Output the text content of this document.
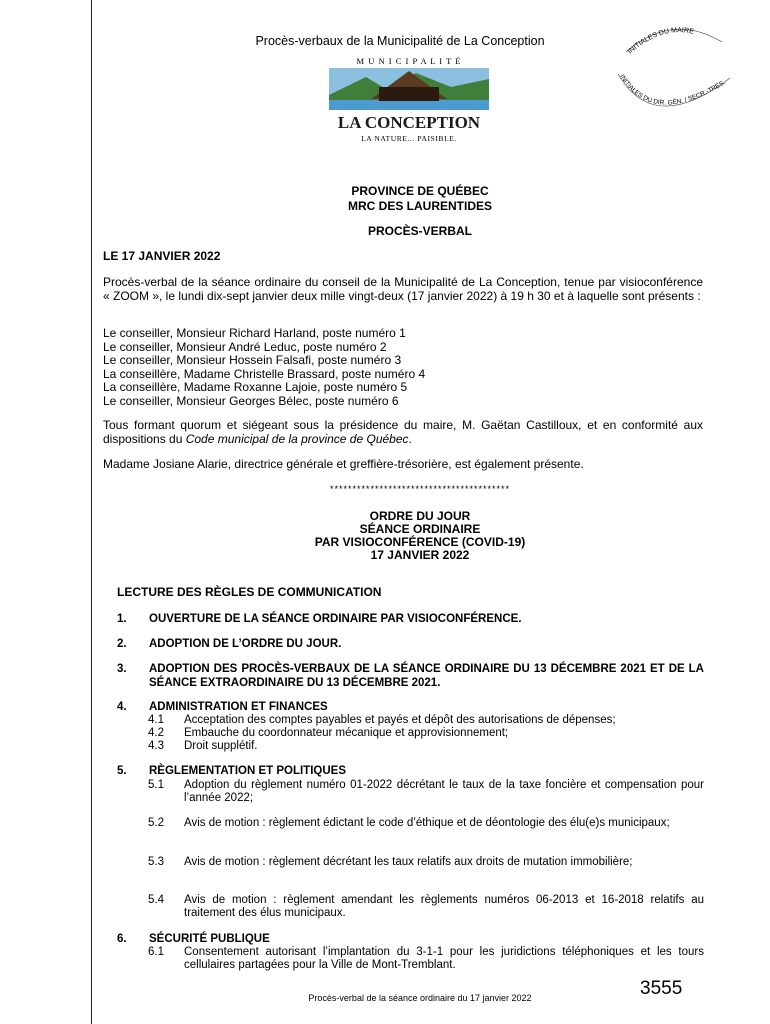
Procès-verbaux de la Municipalité de La Conception
M U N I C I P A L I T É
LA CONCEPTION
LA NATURE... PAISIBLE.
INITIALES DU MAIRE
INITIALES DU DIR. GÉN. / SECR.-TRÉS.
PROVINCE DE QUÉBEC
MRC DES LAURENTIDES
PROCÈS-VERBAL
LE 17 JANVIER 2022
Procès-verbal de la séance ordinaire du conseil de la Municipalité de La Conception, tenue par visioconférence « ZOOM », le lundi dix-sept janvier deux mille vingt-deux (17 janvier 2022) à 19 h 30 et à laquelle sont présents :
Le conseiller, Monsieur Richard Harland, poste numéro 1
Le conseiller, Monsieur André Leduc, poste numéro 2
Le conseiller, Monsieur Hossein Falsafi, poste numéro 3
La conseillère, Madame Christelle Brassard, poste numéro 4
La conseillère, Madame Roxanne Lajoie, poste numéro 5
Le conseiller, Monsieur Georges Bélec, poste numéro 6
Tous formant quorum et siégeant sous la présidence du maire, M. Gaëtan Castilloux, et en conformité aux dispositions du Code municipal de la province de Québec.
Madame Josiane Alarie, directrice générale et greffière-trésorière, est également présente.
****************************************
ORDRE DU JOUR
SÉANCE ORDINAIRE
PAR VISIOCONFÉRENCE (COVID-19)
17 JANVIER 2022
LECTURE DES RÈGLES DE COMMUNICATION
1. OUVERTURE DE LA SÉANCE ORDINAIRE PAR VISIOCONFÉRENCE.
2. ADOPTION DE L’ORDRE DU JOUR.
3. ADOPTION DES PROCÈS-VERBAUX DE LA SÉANCE ORDINAIRE DU 13 DÉCEMBRE 2021 ET DE LA SÉANCE EXTRAORDINAIRE DU 13 DÉCEMBRE 2021.
4. ADMINISTRATION ET FINANCES
4.1 Acceptation des comptes payables et payés et dépôt des autorisations de dépenses;
4.2 Embauche du coordonnateur mécanique et approvisionnement;
4.3 Droit supplétif.
5. RÈGLEMENTATION ET POLITIQUES
5.1 Adoption du règlement numéro 01-2022 décrétant le taux de la taxe foncière et compensation pour l’année 2022;
5.2 Avis de motion : règlement édictant le code d’éthique et de déontologie des élu(e)s municipaux;
5.3 Avis de motion : règlement décrétant les taux relatifs aux droits de mutation immobilière;
5.4 Avis de motion : règlement amendant les règlements numéros 06-2013 et 16-2018 relatifs au traitement des élus municipaux.
6. SÉCURITÉ PUBLIQUE
6.1 Consentement autorisant l’implantation du 3-1-1 pour les juridictions téléphoniques et les tours cellulaires partagées pour la Ville de Mont-Tremblant.
3555
Procès-verbal de la séance ordinaire du 17 janvier 2022
